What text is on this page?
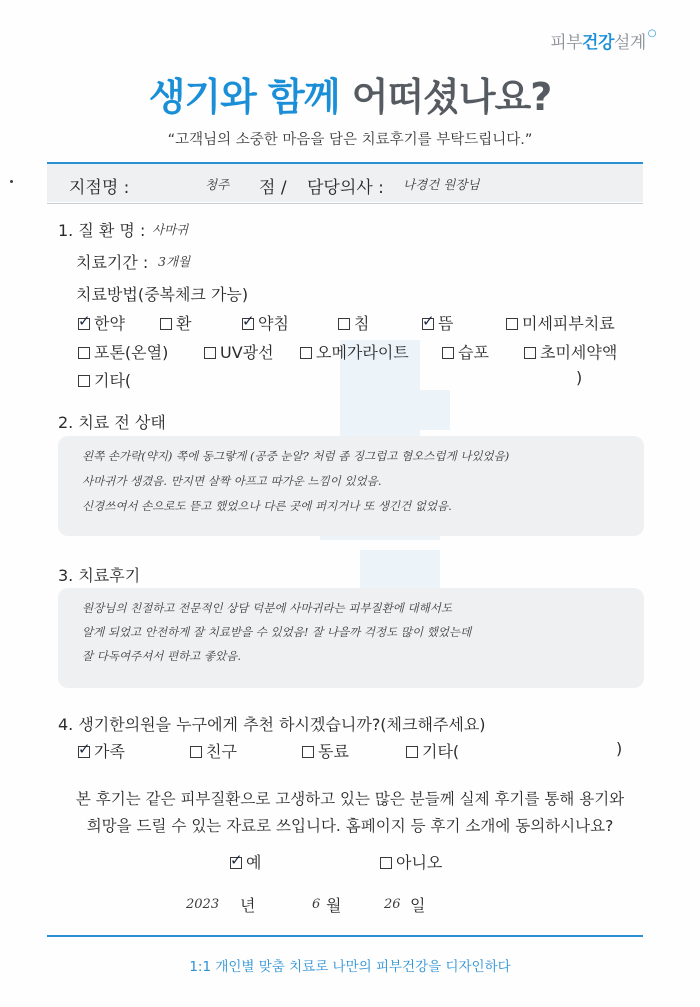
피부건강설계 ○
생기와 함께 어떠셨나요?
“고객님의 소중한 마음을 담은 치료후기를 부탁드립니다.”
지점명 :	청주 점 / 담당의사 : 나경건 원장님
1. 질 환 명 : 사마귀
치료기간 : 3개월
치료방법(중복체크 가능)
✓ 한약	환	✓ 약침	침	✓ 뜸	미세피부치료
포톤(온열)	UV광선	오메가라이트	습포	초미세약액
기타(	)
2. 치료 전 상태
왼쪽 손가락(약지) 쪽에 동그랗게 (공중 눈알? 처럼 좀 징그럽고 혐오스럽게 나있었음)
사마귀가 생겼음. 만지면 살짝 아프고 따가운 느낌이 있었음.
신경쓰여서 손으로도 뜯고 했었으나 다른 곳에 퍼지거나 또 생긴건 없었음.
3. 치료후기
원장님의 친절하고 전문적인 상담 덕분에 사마귀라는 피부질환에 대해서도
알게 되었고 안전하게 잘 치료받을 수 있었음! 잘 나을까 걱정도 많이 했었는데
잘 다독여주셔서 편하고 좋았음.
4. 생기한의원을 누구에게 추천 하시겠습니까?(체크해주세요)
✓ 가족	친구	동료	기타(	)
본 후기는 같은 피부질환으로 고생하고 있는 많은 분들께 실제 후기를 통해 용기와
희망을 드릴 수 있는 자료로 쓰입니다. 홈페이지 등 후기 소개에 동의하시나요?
✓ 예	아니오
2023 년	6 월	26 일
1:1 개인별 맞춤 치료로 나만의 피부건강을 디자인하다
